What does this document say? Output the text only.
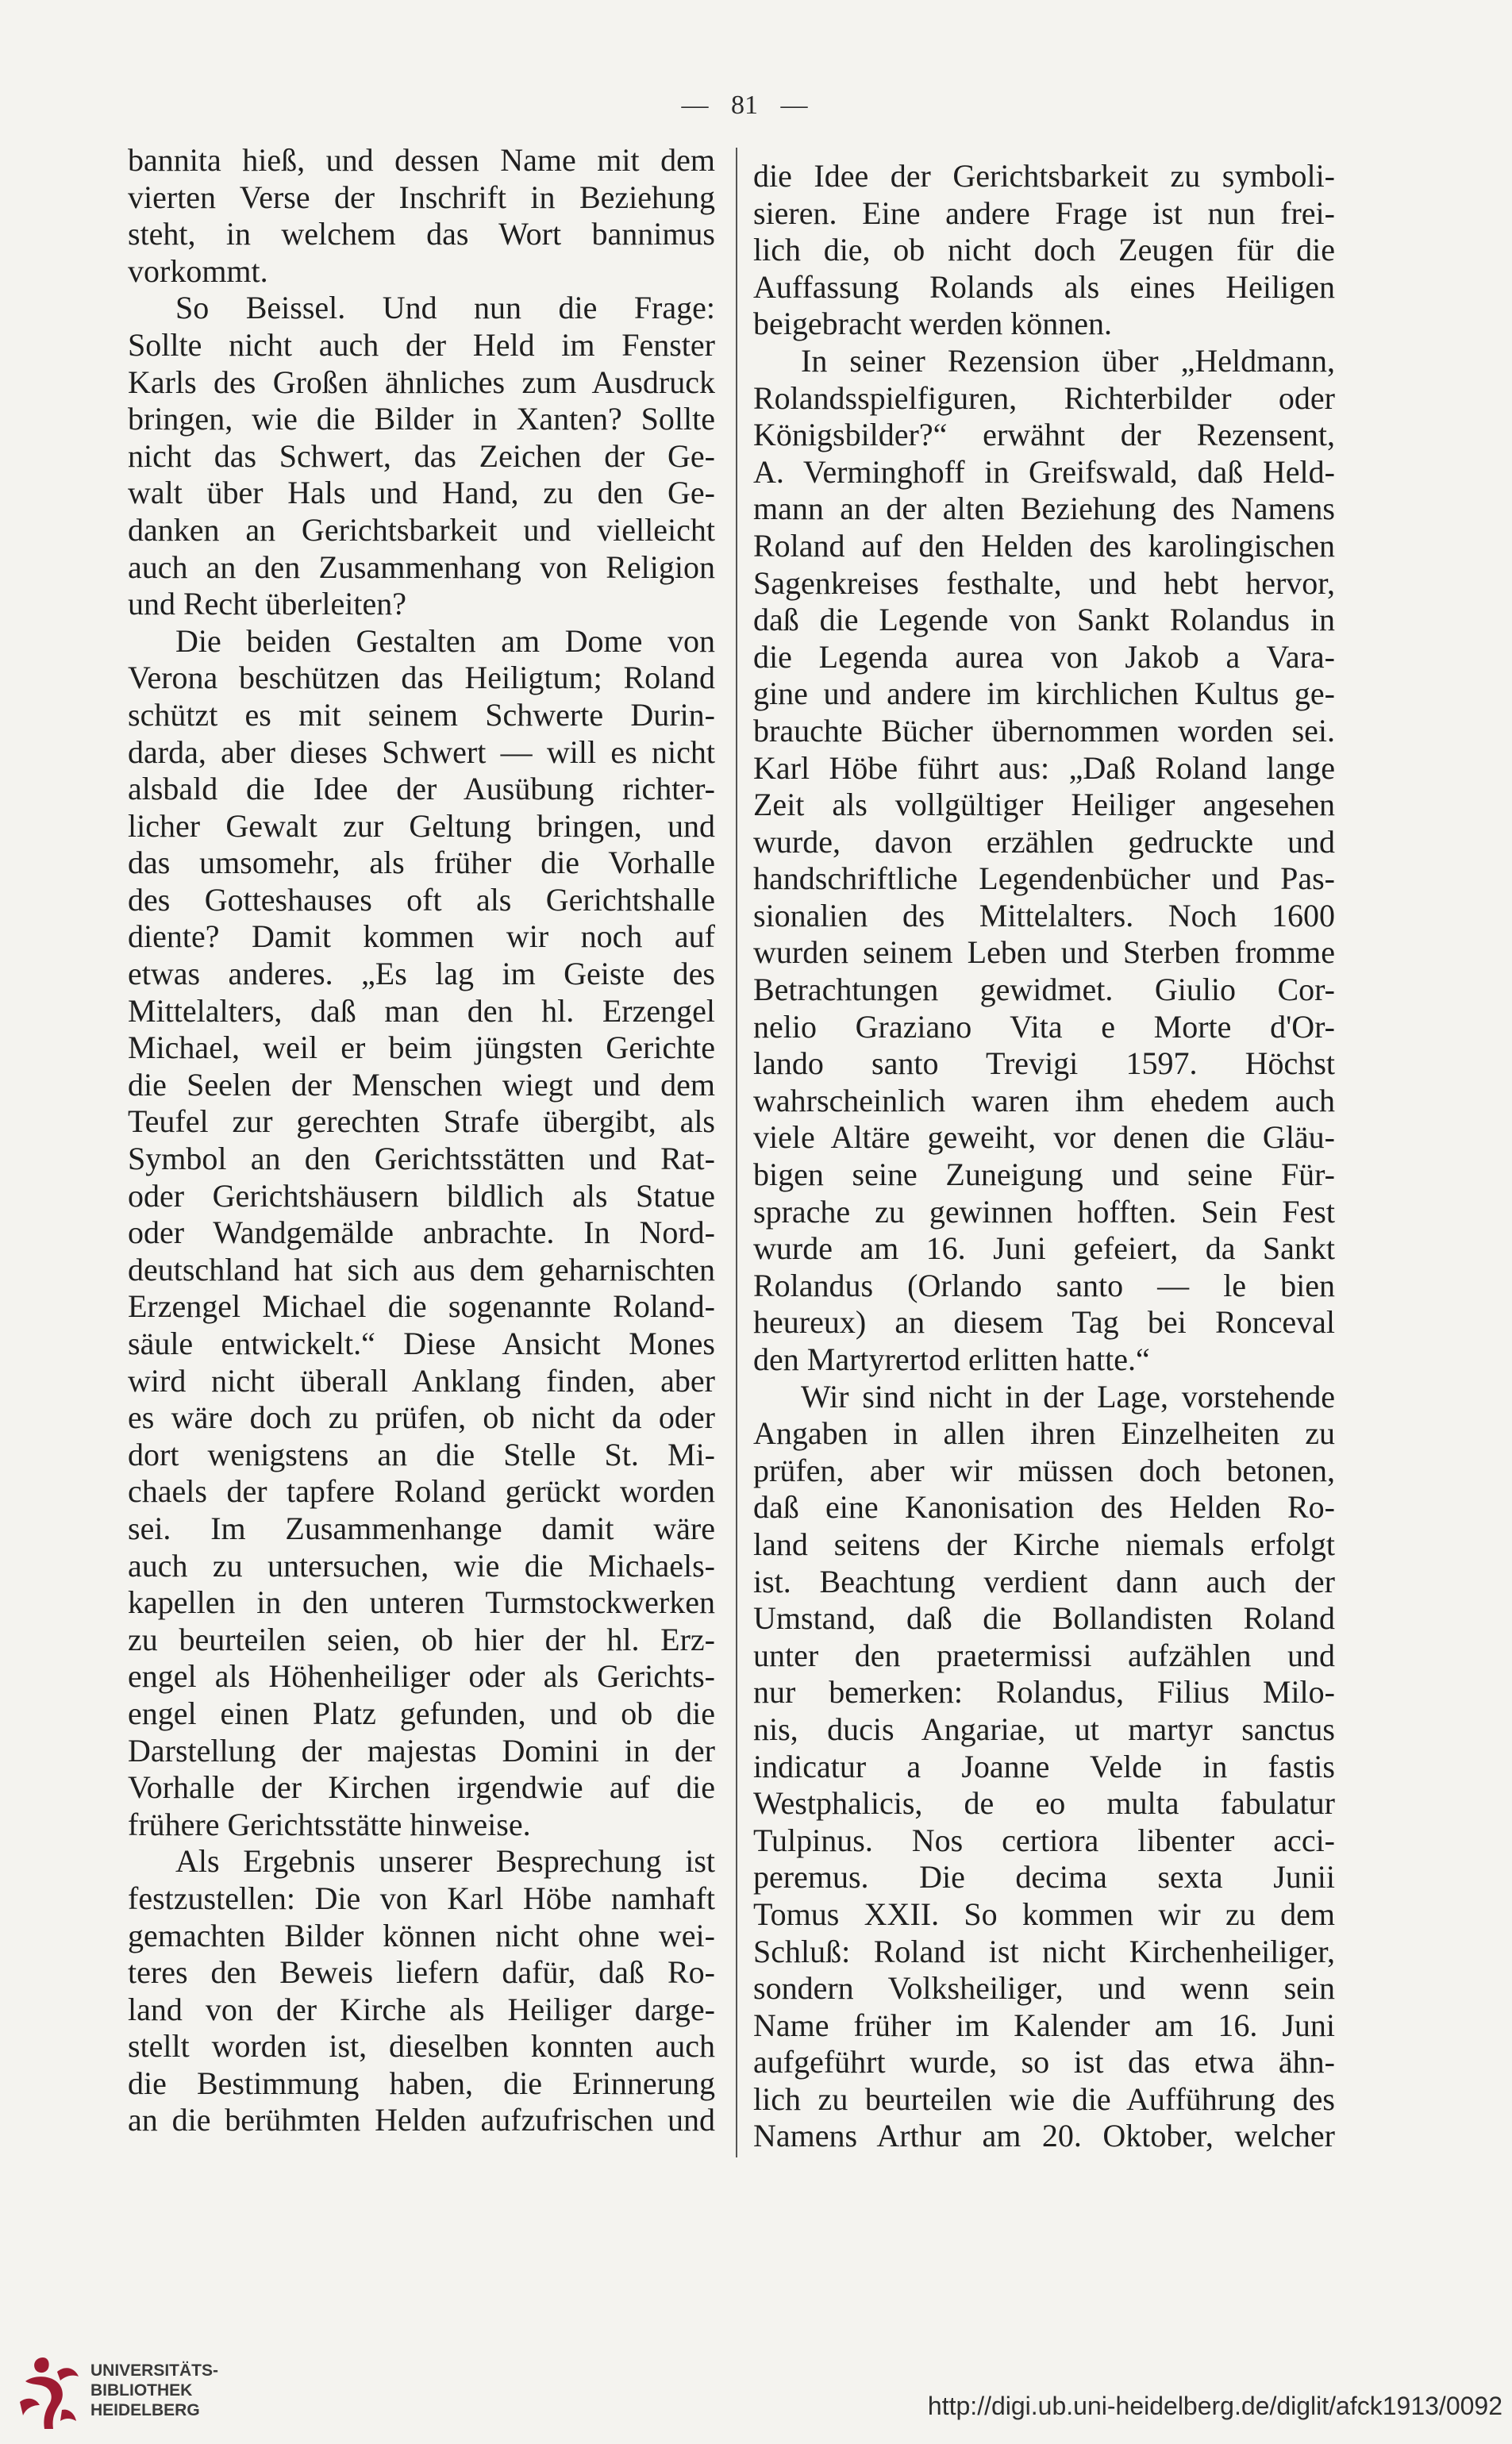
— 81 —
bannita hieß, und dessen Name mit dem
vierten Verse der Inschrift in Beziehung
steht, in welchem das Wort bannimus
vorkommt.
So Beissel. Und nun die Frage:
Sollte nicht auch der Held im Fenster
Karls des Großen ähnliches zum Ausdruck
bringen, wie die Bilder in Xanten? Sollte
nicht das Schwert, das Zeichen der Ge-
walt über Hals und Hand, zu den Ge-
danken an Gerichtsbarkeit und vielleicht
auch an den Zusammenhang von Religion
und Recht überleiten?
Die beiden Gestalten am Dome von
Verona beschützen das Heiligtum; Roland
schützt es mit seinem Schwerte Durin-
darda, aber dieses Schwert — will es nicht
alsbald die Idee der Ausübung richter-
licher Gewalt zur Geltung bringen, und
das umsomehr, als früher die Vorhalle
des Gotteshauses oft als Gerichtshalle
diente? Damit kommen wir noch auf
etwas anderes. „Es lag im Geiste des
Mittelalters, daß man den hl. Erzengel
Michael, weil er beim jüngsten Gerichte
die Seelen der Menschen wiegt und dem
Teufel zur gerechten Strafe übergibt, als
Symbol an den Gerichtsstätten und Rat-
oder Gerichtshäusern bildlich als Statue
oder Wandgemälde anbrachte. In Nord-
deutschland hat sich aus dem geharnischten
Erzengel Michael die sogenannte Roland-
säule entwickelt.“ Diese Ansicht Mones
wird nicht überall Anklang finden, aber
es wäre doch zu prüfen, ob nicht da oder
dort wenigstens an die Stelle St. Mi-
chaels der tapfere Roland gerückt worden
sei. Im Zusammenhange damit wäre
auch zu untersuchen, wie die Michaels-
kapellen in den unteren Turmstockwerken
zu beurteilen seien, ob hier der hl. Erz-
engel als Höhenheiliger oder als Gerichts-
engel einen Platz gefunden, und ob die
Darstellung der majestas Domini in der
Vorhalle der Kirchen irgendwie auf die
frühere Gerichtsstätte hinweise.
Als Ergebnis unserer Besprechung ist
festzustellen: Die von Karl Höbe namhaft
gemachten Bilder können nicht ohne wei-
teres den Beweis liefern dafür, daß Ro-
land von der Kirche als Heiliger darge-
stellt worden ist, dieselben konnten auch
die Bestimmung haben, die Erinnerung
an die berühmten Helden aufzufrischen und
die Idee der Gerichtsbarkeit zu symboli-
sieren. Eine andere Frage ist nun frei-
lich die, ob nicht doch Zeugen für die
Auffassung Rolands als eines Heiligen
beigebracht werden können.
In seiner Rezension über „Heldmann,
Rolandsspielfiguren, Richterbilder oder
Königsbilder?“ erwähnt der Rezensent,
A. Verminghoff in Greifswald, daß Held-
mann an der alten Beziehung des Namens
Roland auf den Helden des karolingischen
Sagenkreises festhalte, und hebt hervor,
daß die Legende von Sankt Rolandus in
die Legenda aurea von Jakob a Vara-
gine und andere im kirchlichen Kultus ge-
brauchte Bücher übernommen worden sei.
Karl Höbe führt aus: „Daß Roland lange
Zeit als vollgültiger Heiliger angesehen
wurde, davon erzählen gedruckte und
handschriftliche Legendenbücher und Pas-
sionalien des Mittelalters. Noch 1600
wurden seinem Leben und Sterben fromme
Betrachtungen gewidmet. Giulio Cor-
nelio Graziano Vita e Morte d'Or-
lando santo Trevigi 1597. Höchst
wahrscheinlich waren ihm ehedem auch
viele Altäre geweiht, vor denen die Gläu-
bigen seine Zuneigung und seine Für-
sprache zu gewinnen hofften. Sein Fest
wurde am 16. Juni gefeiert, da Sankt
Rolandus (Orlando santo — le bien
heureux) an diesem Tag bei Ronceval
den Martyrertod erlitten hatte.“
Wir sind nicht in der Lage, vorstehende
Angaben in allen ihren Einzelheiten zu
prüfen, aber wir müssen doch betonen,
daß eine Kanonisation des Helden Ro-
land seitens der Kirche niemals erfolgt
ist. Beachtung verdient dann auch der
Umstand, daß die Bollandisten Roland
unter den praetermissi aufzählen und
nur bemerken: Rolandus, Filius Milo-
nis, ducis Angariae, ut martyr sanctus
indicatur a Joanne Velde in fastis
Westphalicis, de eo multa fabulatur
Tulpinus. Nos certiora libenter acci-
peremus. Die decima sexta Junii
Tomus XXII. So kommen wir zu dem
Schluß: Roland ist nicht Kirchenheiliger,
sondern Volksheiliger, und wenn sein
Name früher im Kalender am 16. Juni
aufgeführt wurde, so ist das etwa ähn-
lich zu beurteilen wie die Aufführung des
Namens Arthur am 20. Oktober, welcher
UNIVERSITÄTS-
BIBLIOTHEK
HEIDELBERG	http://digi.ub.uni-heidelberg.de/diglit/afck1913/0092
